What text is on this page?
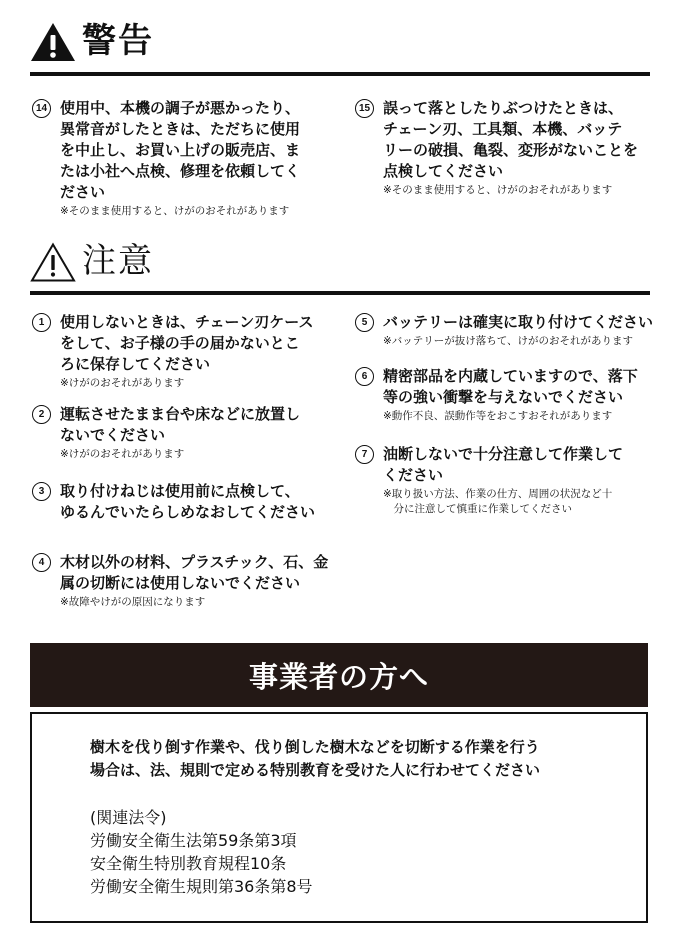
警告
14 使用中、本機の調子が悪かったり、
異常音がしたときは、ただちに使用
を中止し、お買い上げの販売店、ま
たは小社へ点検、修理を依頼してく
ださい
※そのまま使用すると、けがのおそれがあります
15 誤って落としたりぶつけたときは、
チェーン刃、工具類、本機、バッテ
リーの破損、亀裂、変形がないことを
点検してください
※そのまま使用すると、けがのおそれがあります
注意
1	使用しないときは、チェーン刃ケース
をして、お子様の手の届かないとこ
ろに保存してください
※けがのおそれがあります
2	運転させたまま台や床などに放置し
ないでください
※けがのおそれがあります
3	取り付けねじは使用前に点検して、
ゆるんでいたらしめなおしてください
4	木材以外の材料、プラスチック、石、金
属の切断には使用しないでください
※故障やけがの原因になります
5	バッテリーは確実に取り付けてください
※バッテリーが抜け落ちて、けがのおそれがあります
6	精密部品を内蔵していますので、落下
等の強い衝撃を与えないでください
※動作不良、誤動作等をおこすおそれがあります
7	油断しないで十分注意して作業して
ください
※取り扱い方法、作業の仕方、周囲の状況など十
　分に注意して慎重に作業してください
事業者の方へ
樹木を伐り倒す作業や、伐り倒した樹木などを切断する作業を行う
場合は、法、規則で定める特別教育を受けた人に行わせてください
(関連法令)
労働安全衛生法第59条第3項
安全衛生特別教育規程10条
労働安全衛生規則第36条第8号
